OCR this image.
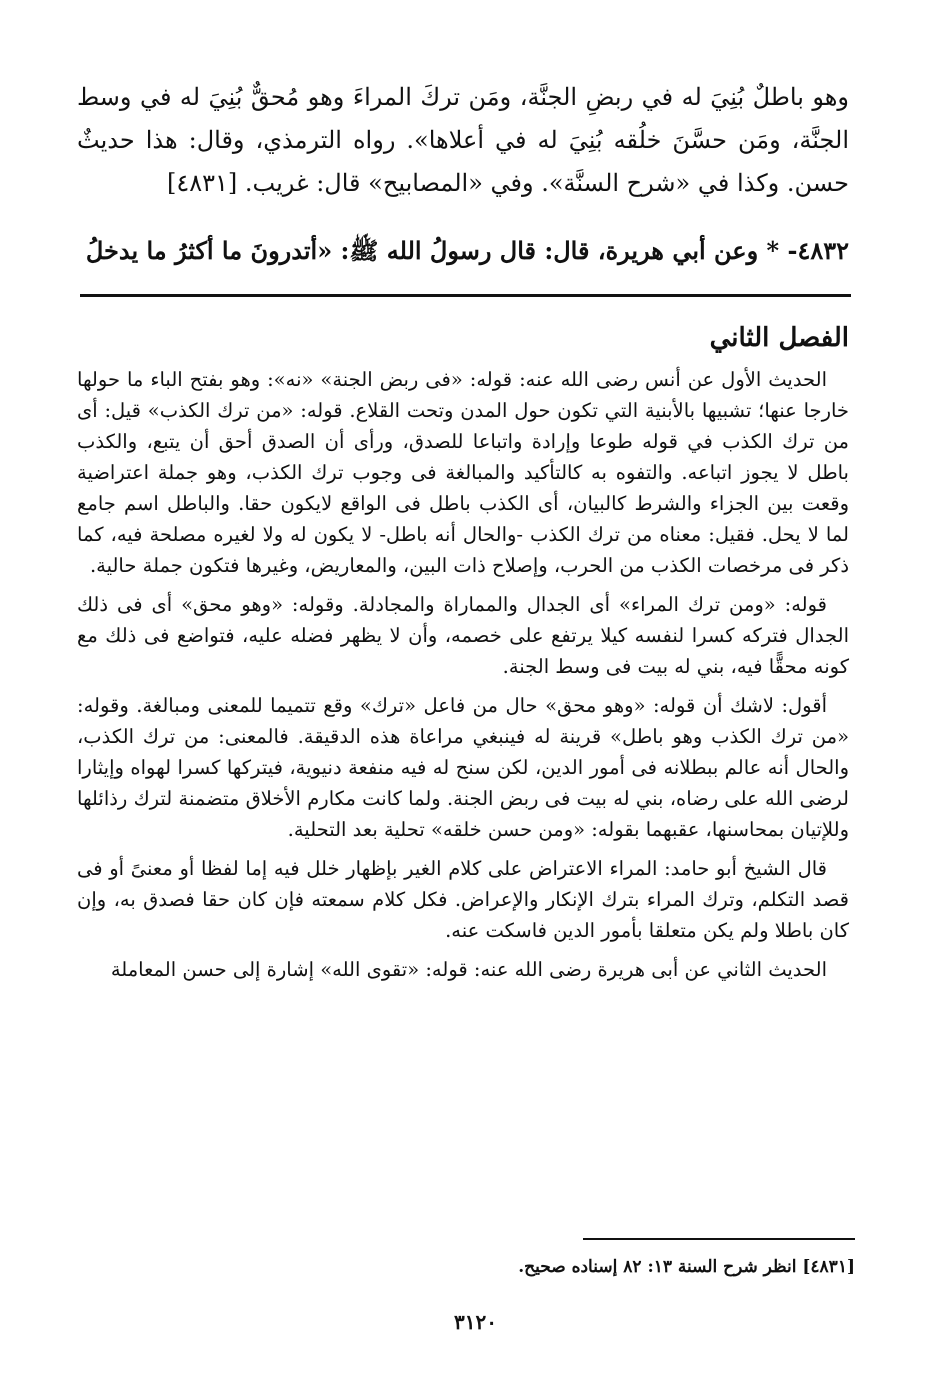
وهو باطلٌ بُنِيَ له في ربضِ الجنَّة، ومَن تركَ المراءَ وهو مُحقٌّ بُنِيَ له في وسط الجنَّة، ومَن حسَّنَ خلُقه بُنِيَ له في أعلاها». رواه الترمذي، وقال: هذا حديثٌ حسن. وكذا في «شرح السنَّة». وفي «المصابيح» قال: غريب. [٤٨٣١]
٤٨٣٢- * وعن أبي هريرة، قال: قال رسولُ الله ﷺ: «أتدرونَ ما أكثرُ ما يدخلُ
الفصل الثاني

الحديث الأول عن أنس رضى الله عنه: قوله: «فى ربض الجنة» «نه»: وهو بفتح الباء ما حولها خارجا عنها؛ تشبيها بالأبنية التي تكون حول المدن وتحت القلاع. قوله: «من ترك الكذب» قيل: أى من ترك الكذب في قوله طوعا وإرادة واتباعا للصدق، ورأى أن الصدق أحق أن يتبع، والكذب باطل لا يجوز اتباعه. والتفوه به كالتأكيد والمبالغة فى وجوب ترك الكذب، وهو جملة اعتراضية وقعت بين الجزاء والشرط كالبيان، أى الكذب باطل فى الواقع لايكون حقا. والباطل اسم جامع لما لا يحل. فقيل: معناه من ترك الكذب -والحال أنه باطل- لا يكون له ولا لغيره مصلحة فيه، كما ذكر فى مرخصات الكذب من الحرب، وإصلاح ذات البين، والمعاريض، وغيرها فتكون جملة حالية.

قوله: «ومن ترك المراء» أى الجدال والمماراة والمجادلة. وقوله: «وهو محق» أى فى ذلك الجدال فتركه كسرا لنفسه كيلا يرتفع على خصمه، وأن لا يظهر فضله عليه، فتواضع فى ذلك مع كونه محقًّا فيه، بني له بيت فى وسط الجنة.

أقول: لاشك أن قوله: «وهو محق» حال من فاعل «ترك» وقع تتميما للمعنى ومبالغة. وقوله: «من ترك الكذب وهو باطل» قرينة له فينبغي مراعاة هذه الدقيقة. فالمعنى: من ترك الكذب، والحال أنه عالم ببطلانه فى أمور الدين، لكن سنح له فيه منفعة دنيوية، فيتركها كسرا لهواه وإيثارا لرضى الله على رضاه، بني له بيت فى ربض الجنة. ولما كانت مكارم الأخلاق متضمنة لترك رذائلها وللإتيان بمحاسنها، عقبهما بقوله: «ومن حسن خلقه» تحلية بعد التحلية.

قال الشيخ أبو حامد: المراء الاعتراض على كلام الغير بإظهار خلل فيه إما لفظا أو معنىً أو فى قصد التكلم، وترك المراء بترك الإنكار والإعراض. فكل كلام سمعته فإن كان حقا فصدق به، وإن كان باطلا ولم يكن متعلقا بأمور الدين فاسكت عنه.

الحديث الثاني عن أبى هريرة رضى الله عنه: قوله: «تقوى الله» إشارة إلى حسن المعاملة

[٤٨٣١] انظر شرح السنة ١٣: ٨٢ إسناده صحيح.
٣١٢٠
